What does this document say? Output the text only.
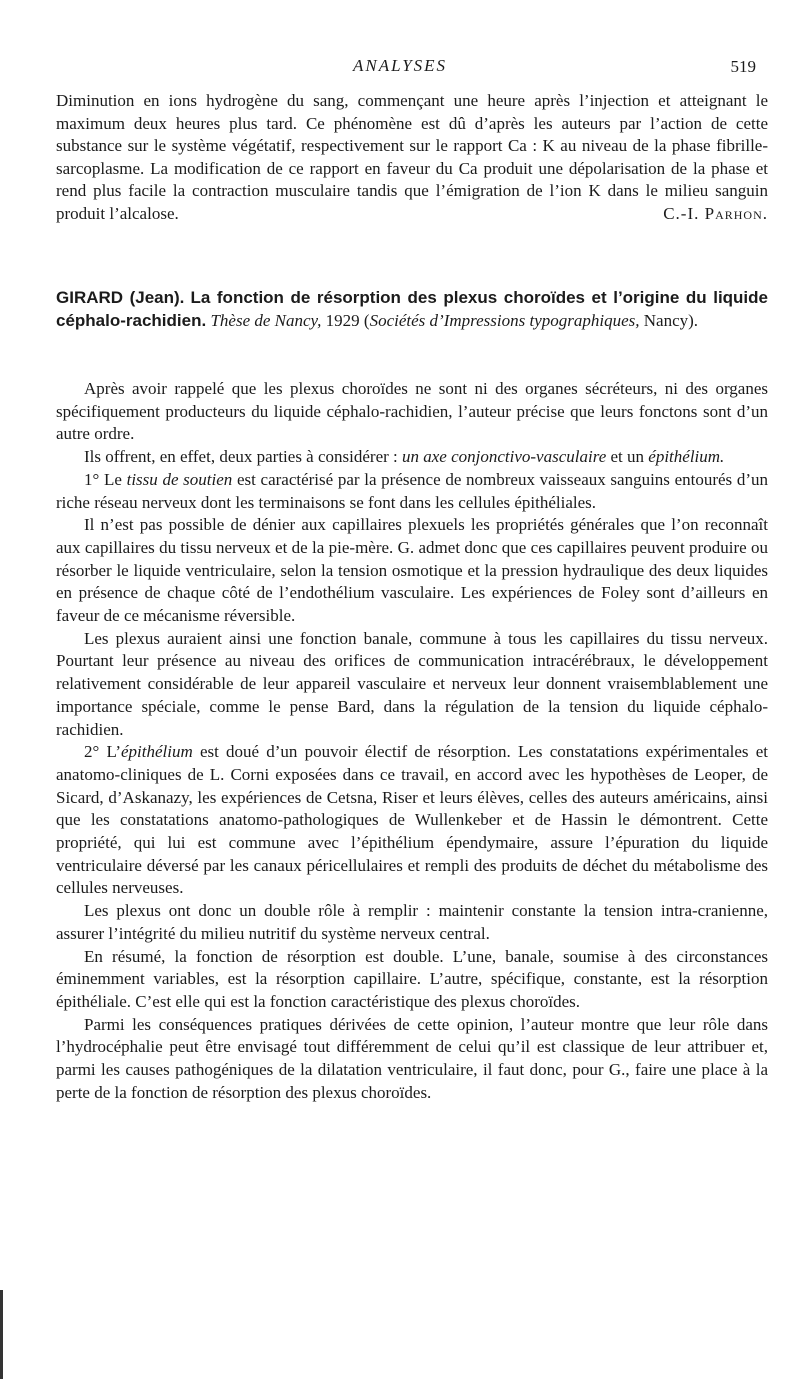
ANALYSES	519

Diminution en ions hydrogène du sang, commençant une heure après l’injection et atteignant le maximum deux heures plus tard. Ce phénomène est dû d’après les auteurs par l’action de cette substance sur le système végétatif, respectivement sur le rapport Ca : K au niveau de la phase fibrille-sarcoplasme. La modification de ce rapport en faveur du Ca produit une dépolarisation de la phase et rend plus facile la contraction musculaire tandis que l’émigration de l’ion K dans le milieu sanguin produit l’alcalose.	C.-I. Parhon.

GIRARD (Jean). La fonction de résorption des plexus choroïdes et l’origine du liquide céphalo-rachidien. Thèse de Nancy, 1929 (Sociétés d’Impressions typographiques, Nancy).

Après avoir rappelé que les plexus choroïdes ne sont ni des organes sécréteurs, ni des organes spécifiquement producteurs du liquide céphalo-rachidien, l’auteur précise que leurs fonctons sont d’un autre ordre.

Ils offrent, en effet, deux parties à considérer : un axe conjonctivo-vasculaire et un épithélium.

1° Le tissu de soutien est caractérisé par la présence de nombreux vaisseaux sanguins entourés d’un riche réseau nerveux dont les terminaisons se font dans les cellules épithéliales.

Il n’est pas possible de dénier aux capillaires plexuels les propriétés générales que l’on reconnaît aux capillaires du tissu nerveux et de la pie-mère. G. admet donc que ces capillaires peuvent produire ou résorber le liquide ventriculaire, selon la tension osmotique et la pression hydraulique des deux liquides en présence de chaque côté de l’endothélium vasculaire. Les expériences de Foley sont d’ailleurs en faveur de ce mécanisme réversible.

Les plexus auraient ainsi une fonction banale, commune à tous les capillaires du tissu nerveux. Pourtant leur présence au niveau des orifices de communication intracérébraux, le développement relativement considérable de leur appareil vasculaire et nerveux leur donnent vraisemblablement une importance spéciale, comme le pense Bard, dans la régulation de la tension du liquide céphalo-rachidien.

2° L’épithélium est doué d’un pouvoir électif de résorption. Les constatations expérimentales et anatomo-cliniques de L. Corni exposées dans ce travail, en accord avec les hypothèses de Leoper, de Sicard, d’Askanazy, les expériences de Cetsna, Riser et leurs élèves, celles des auteurs américains, ainsi que les constatations anatomo-pathologiques de Wullenkeber et de Hassin le démontrent. Cette propriété, qui lui est commune avec l’épithélium épendymaire, assure l’épuration du liquide ventriculaire déversé par les canaux péricellulaires et rempli des produits de déchet du métabolisme des cellules nerveuses.

Les plexus ont donc un double rôle à remplir : maintenir constante la tension intra-cranienne, assurer l’intégrité du milieu nutritif du système nerveux central.

En résumé, la fonction de résorption est double. L’une, banale, soumise à des circonstances éminemment variables, est la résorption capillaire. L’autre, spécifique, constante, est la résorption épithéliale. C’est elle qui est la fonction caractéristique des plexus choroïdes.

Parmi les conséquences pratiques dérivées de cette opinion, l’auteur montre que leur rôle dans l’hydrocéphalie peut être envisagé tout différemment de celui qu’il est classique de leur attribuer et, parmi les causes pathogéniques de la dilatation ventriculaire, il faut donc, pour G., faire une place à la perte de la fonction de résorption des plexus choroïdes.
